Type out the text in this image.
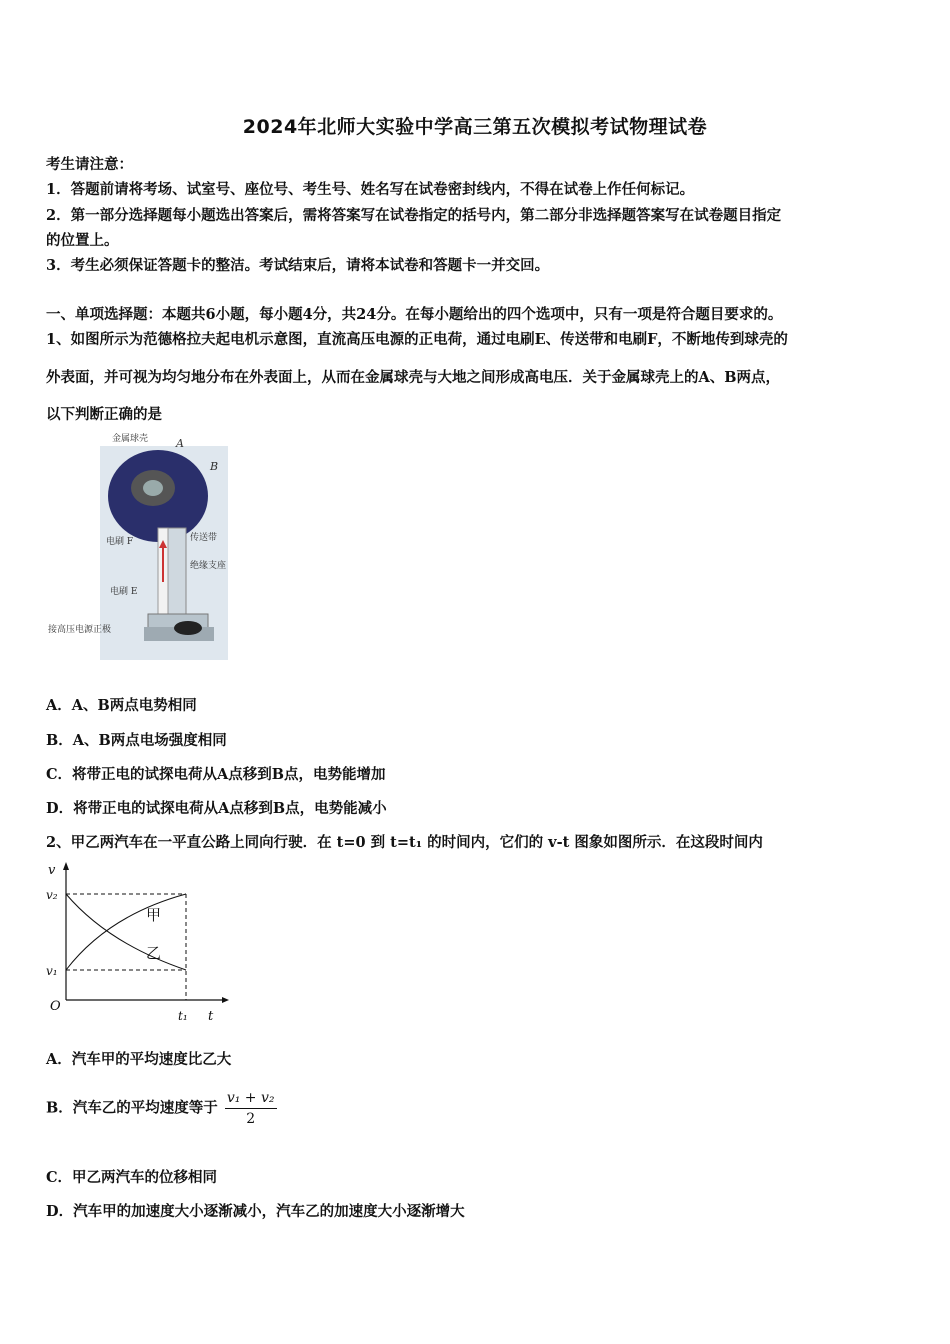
2024年北师大实验中学高三第五次模拟考试物理试卷
考生请注意：
1．答题前请将考场、试室号、座位号、考生号、姓名写在试卷密封线内，不得在试卷上作任何标记。
2．第一部分选择题每小题选出答案后，需将答案写在试卷指定的括号内，第二部分非选择题答案写在试卷题目指定
的位置上。
3．考生必须保证答题卡的整洁。考试结束后，请将本试卷和答题卡一并交回。
一、单项选择题：本题共6小题，每小题4分，共24分。在每小题给出的四个选项中，只有一项是符合题目要求的。
1、如图所示为范德格拉夫起电机示意图，直流高压电源的正电荷，通过电刷E、传送带和电刷F，不断地传到球壳的
外表面，并可视为均匀地分布在外表面上，从而在金属球壳与大地之间形成高电压．关于金属球壳上的A、B两点，
以下判断正确的是
金属球壳	A
B
传送带
电刷 F
绝缘支座
电刷 E
接高压电源正极
A．A、B两点电势相同
B．A、B两点电场强度相同
C．将带正电的试探电荷从A点移到B点，电势能增加
D．将带正电的试探电荷从A点移到B点，电势能减小
2、甲乙两汽车在一平直公路上同向行驶．在 t=0 到 t=t₁ 的时间内，它们的 v-t 图象如图所示．在这段时间内
甲
乙
v
v₂
v₁
O
t₁ t
A．汽车甲的平均速度比乙大
B．汽车乙的平均速度等于 $\frac{\text{v₁ + v₂}}{2}$
C．甲乙两汽车的位移相同
D．汽车甲的加速度大小逐渐减小，汽车乙的加速度大小逐渐增大
